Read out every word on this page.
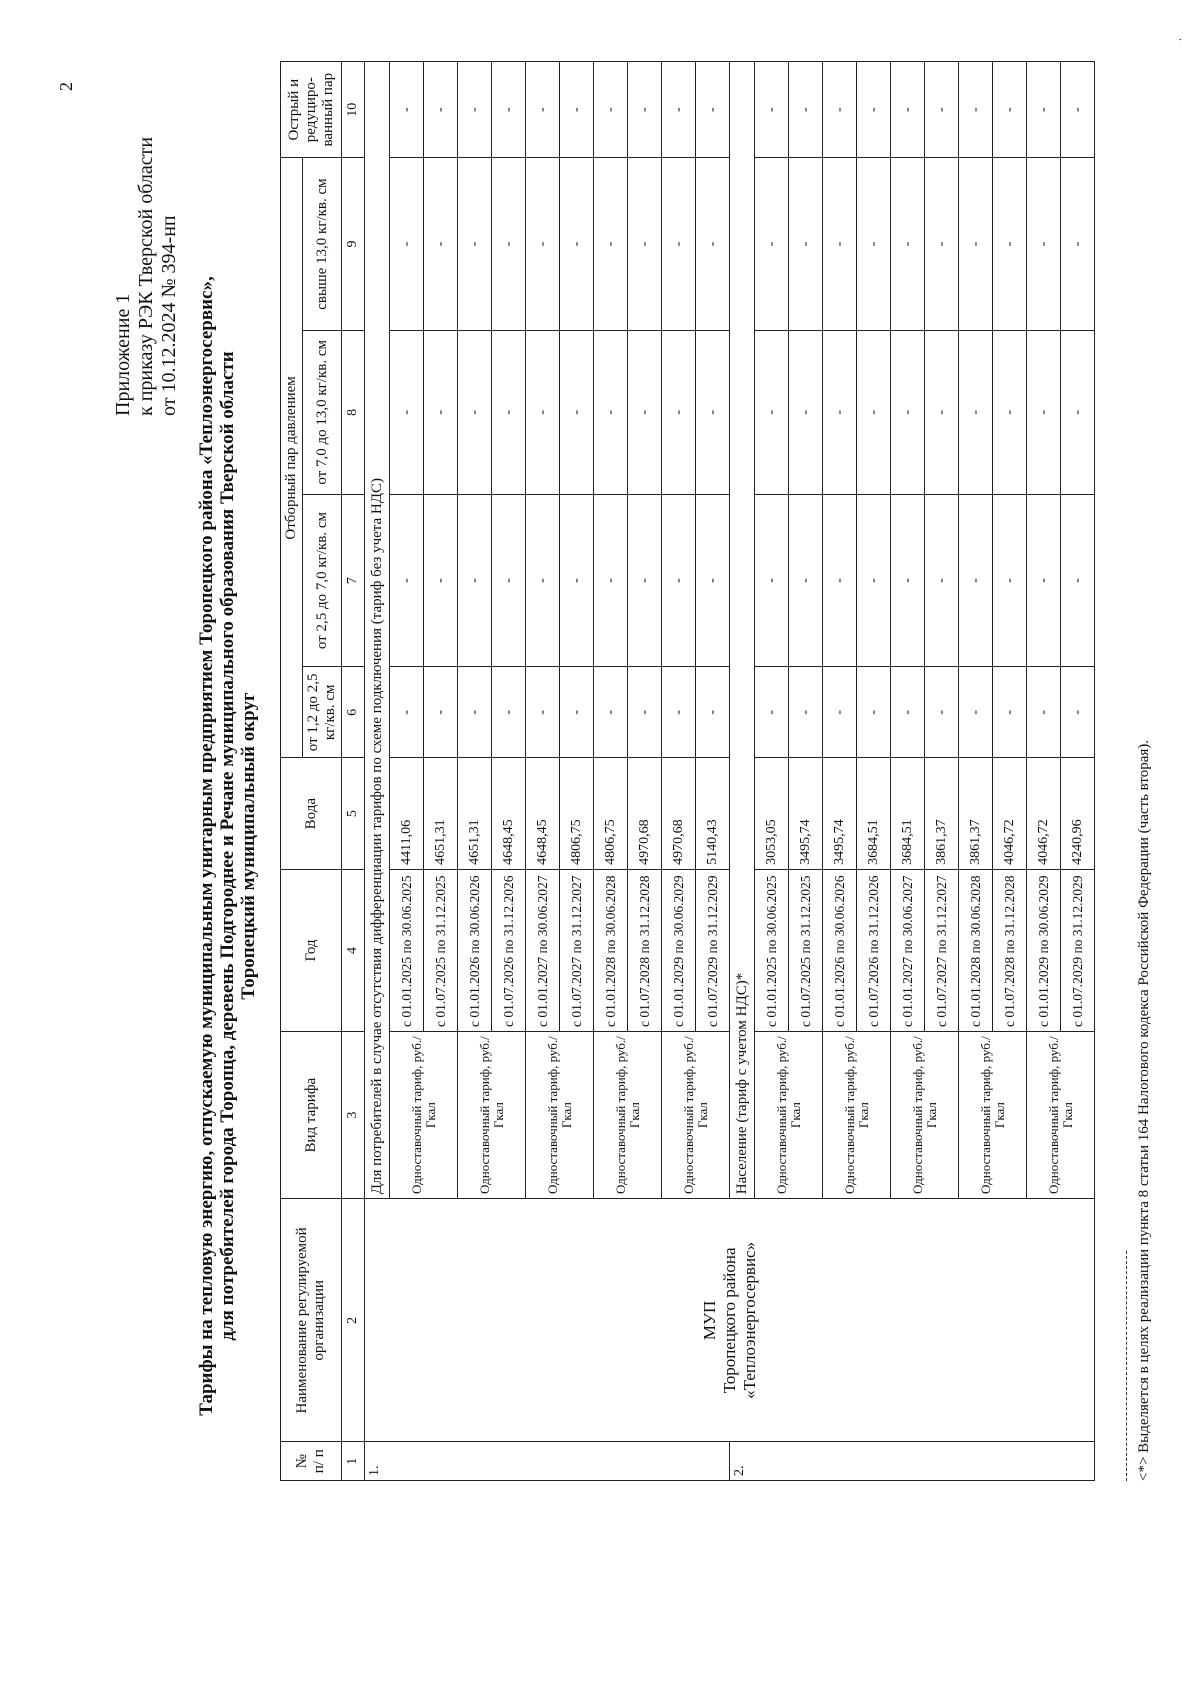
2
Приложение 1 к приказу РЭК Тверской области от 10.12.2024 № 394-нп Тарифы на тепловую энергию, отпускаемую муниципальным унитарным предприятием Торопецкого района «Теплоэнергосервис», для потребителей города Торопца, деревень Подгороднее и Речане муниципального образования Тверской области Торопецкий муниципальный округ
№ п/ п	Наименование регулируемой организации	Вид тарифа	Год	Вода	Отборный пар давлением				Острый и редуциро-ванный пар
					от 1,2 до 2,5 кг/кв. см	от 2,5 до 7,0 кг/кв. см	от 7,0 до 13,0 кг/кв. см	свыше 13,0 кг/кв. см	
1	2	3	4	5	6	7	8	9	10
1.	МУП Торопецкого района «Теплоэнергосервис»	Для потребителей в случае отсутствия дифференциации тарифов по схеме подключения (тариф без учета НДС)							
		Одноставочный тариф, руб./Гкал	с 01.01.2025 по 30.06.2025	4411,06	-	-	-	-	-
			с 01.07.2025 по 31.12.2025	4651,31	-	-	-	-	-
		Одноставочный тариф, руб./Гкал	с 01.01.2026 по 30.06.2026	4651,31	-	-	-	-	-
			с 01.07.2026 по 31.12.2026	4648,45	-	-	-	-	-
		Одноставочный тариф, руб./Гкал	с 01.01.2027 по 30.06.2027	4648,45	-	-	-	-	-
			с 01.07.2027 по 31.12.2027	4806,75	-	-	-	-	-
		Одноставочный тариф, руб./Гкал	с 01.01.2028 по 30.06.2028	4806,75	-	-	-	-	-
			с 01.07.2028 по 31.12.2028	4970,68	-	-	-	-	-
		Одноставочный тариф, руб./Гкал	с 01.01.2029 по 30.06.2029	4970,68	-	-	-	-	-
			с 01.07.2029 по 31.12.2029	5140,43	-	-	-	-	-
2.		Население (тариф с учетом НДС)*							
		Одноставочный тариф, руб./Гкал	с 01.01.2025 по 30.06.2025	3053,05	-	-	-	-	-
			с 01.07.2025 по 31.12.2025	3495,74	-	-	-	-	-
		Одноставочный тариф, руб./Гкал	с 01.01.2026 по 30.06.2026	3495,74	-	-	-	-	-
			с 01.07.2026 по 31.12.2026	3684,51	-	-	-	-	-
		Одноставочный тариф, руб./Гкал	с 01.01.2027 по 30.06.2027	3684,51	-	-	-	-	-
			с 01.07.2027 по 31.12.2027	3861,37	-	-	-	-	-
		Одноставочный тариф, руб./Гкал	с 01.01.2028 по 30.06.2028	3861,37	-	-	-	-	-
			с 01.07.2028 по 31.12.2028	4046,72	-	-	-	-	-
		Одноставочный тариф, руб./Гкал	с 01.01.2029 по 30.06.2029	4046,72	-	-	-	-	-
			с 01.07.2029 по 31.12.2029	4240,96	-	-	-	-	-
<*> Выделяется в целях реализации пункта 8 статьи 164 Налогового кодекса Российской Федерации (часть вторая).
.
